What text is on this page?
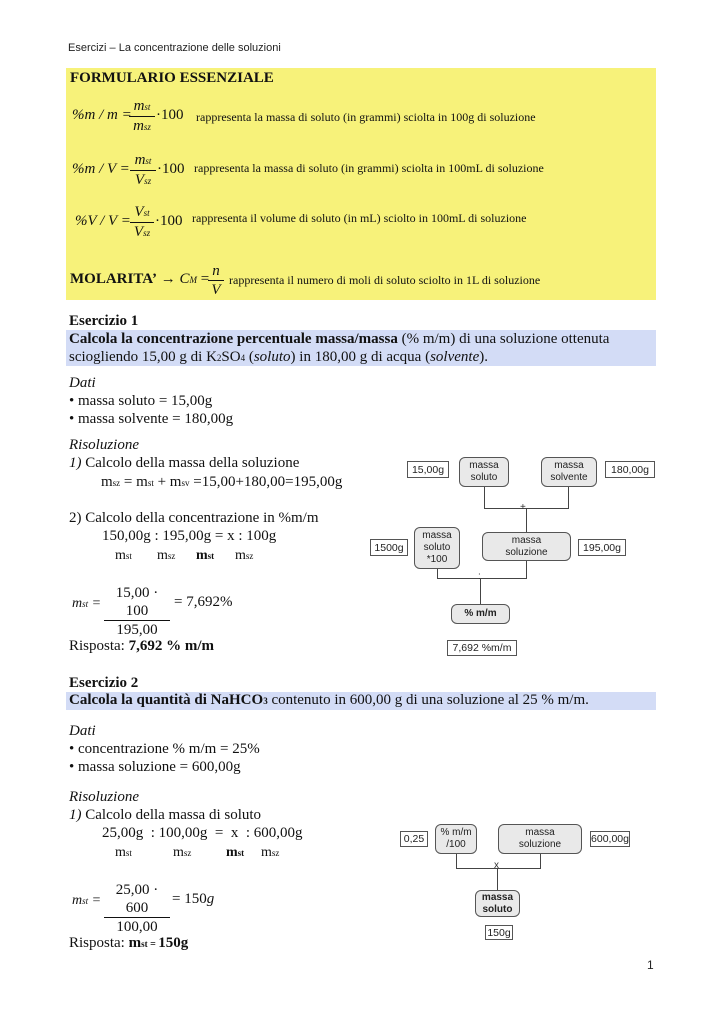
Esercizi – La concentrazione delle soluzioni
FORMULARIO ESSENZIALE
%m / m =
mst
msz
·100 rappresenta la massa di soluto (in grammi) sciolta in 100g di soluzione
%m / V =
mst
Vsz
·100 rappresenta la massa di soluto (in grammi) sciolta in 100mL di soluzione
%V / V =
Vst
Vsz
·100 rappresenta il volume di soluto (in mL) sciolto in 100mL di soluzione
MOLARITA’ → CM = n
V
rappresenta il numero di moli di soluto sciolto in 1L di soluzione
Esercizio 1
Calcola la concentrazione percentuale massa/massa (% m/m) di una soluzione ottenuta
sciogliendo 15,00 g di K2SO4 (soluto) in 180,00 g di acqua (solvente).
Dati
• massa soluto = 15,00g
• massa solvente = 180,00g
Risoluzione
1) Calcolo della massa della soluzione
msz = mst + msv =15,00+180,00=195,00g
2) Calcolo della concentrazione in %m/m
150,00g : 195,00g = x : 100g
mst msz mst msz
mst =
15,00 · 100
195,00
= 7,692%
Risposta: 7,692 % m/m
15,00g	massa
soluto
massa
solvente
180,00g
+
1500g
massa
soluto
*100
massa
soluzione	195,00g
:
% m/m
7,692 %m/m
Esercizio 2
Calcola la quantità di NaHCO3 contenuto in 600,00 g di una soluzione al 25 % m/m.
Dati
• concentrazione % m/m = 25%
• massa soluzione = 600,00g
Risoluzione
1) Calcolo della massa di soluto
25,00g  : 100,00g  =  x  : 600,00g
mst	msz mst msz
mst =
25,00 · 600
100,00
= 150g
Risposta: mst = 150g
0,25
% m/m
/100
massa
soluzione	600,00g
x
massa
soluto
150g
1
